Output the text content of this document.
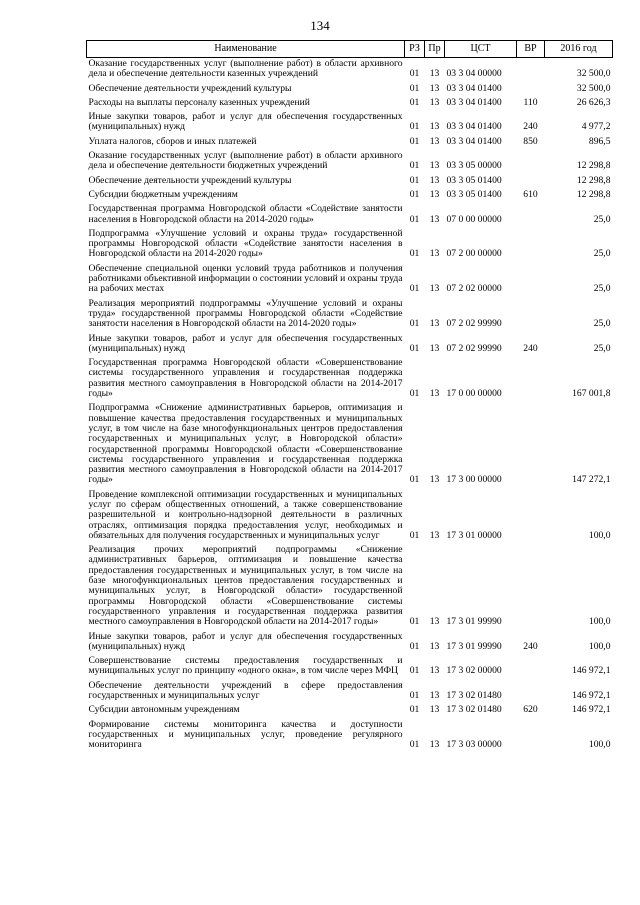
134
Наименование	РЗ	Пр	ЦСТ	ВР	2016 год
Оказание государственных услуг (выполнение работ) в области архивного дела и обеспечение деятельности казенных учреждений	01	13	03 3 04 00000		32 500,0
Обеспечение деятельности учреждений культуры	01	13	03 3 04 01400		32 500,0
Расходы на выплаты персоналу казенных учреждений	01	13	03 3 04 01400	110	26 626,3
Иные закупки товаров, работ и услуг для обеспечения государственных (муниципальных) нужд	01	13	03 3 04 01400	240	4 977,2
Уплата налогов, сборов и иных платежей	01	13	03 3 04 01400	850	896,5
Оказание государственных услуг (выполнение работ) в области архивного дела и обеспечение деятельности бюджетных учреждений	01	13	03 3 05 00000		12 298,8
Обеспечение деятельности учреждений культуры	01	13	03 3 05 01400		12 298,8
Субсидии бюджетным учреждениям	01	13	03 3 05 01400	610	12 298,8
Государственная программа Новгородской области «Содействие занятости населения в Новгородской области на 2014-2020 годы»	01	13	07 0 00 00000		25,0
Подпрограмма «Улучшение условий и охраны труда» государственной программы Новгородской области «Содействие занятости населения в Новгородской области на 2014-2020 годы»	01	13	07 2 00 00000		25,0
Обеспечение специальной оценки условий труда работников и получения работниками объективной информации о состоянии условий и охраны труда на рабочих местах	01	13	07 2 02 00000		25,0
Реализация мероприятий подпрограммы «Улучшение условий и охраны труда» государственной программы Новгородской области «Содействие занятости населения в Новгородской области на 2014-2020 годы»	01	13	07 2 02 99990		25,0
Иные закупки товаров, работ и услуг для обеспечения государственных (муниципальных) нужд	01	13	07 2 02 99990	240	25,0
Государственная программа Новгородской области «Совершенствование системы государственного управления и государственная поддержка развития местного самоуправления в Новгородской области на 2014-2017 годы»	01	13	17 0 00 00000		167 001,8
Подпрограмма «Снижение административных барьеров, оптимизация и повышение качества предоставления государственных и муниципальных услуг, в том числе на базе многофункциональных центров предоставления государственных и муниципальных услуг, в Новгородской области» государственной программы Новгородской области «Совершенствование системы государственного управления и государственная поддержка развития местного самоуправления в Новгородской области на 2014-2017 годы»	01	13	17 3 00 00000		147 272,1
Проведение комплексной оптимизации государственных и муниципальных услуг по сферам общественных отношений, а также совершенствование разрешительной и контрольно-надзорной деятельности в различных отраслях, оптимизация порядка предоставления услуг, необходимых и обязательных для получения государственных и муниципальных услуг	01	13	17 3 01 00000		100,0
Реализация прочих мероприятий подпрограммы «Снижение административных барьеров, оптимизация и повышение качества предоставления государственных и муниципальных услуг, в том числе на базе многофункциональных центов предоставления государственных и муниципальных услуг, в Новгородской области» государственной программы Новгородской области «Совершенствование системы государственного управления и государственная поддержка развития местного самоуправления в Новгородской области на 2014-2017 годы»	01	13	17 3 01 99990		100,0
Иные закупки товаров, работ и услуг для обеспечения государственных (муниципальных) нужд	01	13	17 3 01 99990	240	100,0
Совершенствование системы предоставления государственных и муниципальных услуг по принципу «одного окна», в том числе через МФЦ	01	13	17 3 02 00000		146 972,1
Обеспечение деятельности учреждений в сфере предоставления государственных и муниципальных услуг	01	13	17 3 02 01480		146 972,1
Субсидии автономным учреждениям	01	13	17 3 02 01480	620	146 972,1
Формирование системы мониторинга качества и доступности государственных и муниципальных услуг, проведение регулярного мониторинга	01	13	17 3 03 00000		100,0
